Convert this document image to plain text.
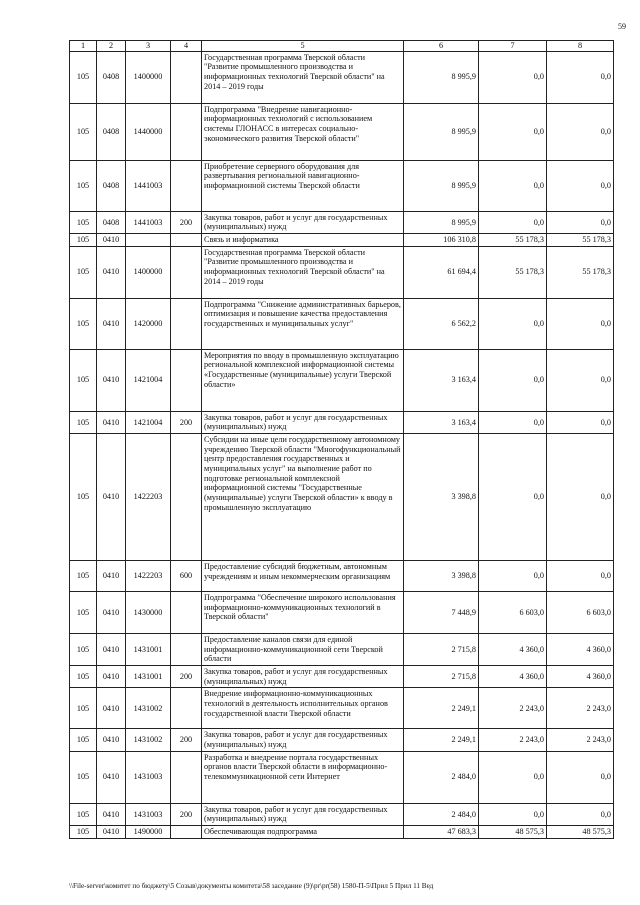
59
1	2	3	4	5	6	7	8
105	0408	1400000		Государственная программа Тверской области "Развитие промышленного производства и информационных технологий Тверской области" на 2014 – 2019 годы	8 995,9	0,0	0,0
105	0408	1440000		Подпрограмма "Внедрение навигационно-информационных технологий с использованием системы ГЛОНАСС в интересах социально-экономического развития Тверской области"	8 995,9	0,0	0,0
105	0408	1441003		Приобретение серверного оборудования для развертывания региональной навигационно-информационной системы Тверской области	8 995,9	0,0	0,0
105	0408	1441003	200	Закупка товаров, работ и услуг для государственных (муниципальных) нужд	8 995,9	0,0	0,0
105	0410			Связь и информатика	106 310,8	55 178,3	55 178,3
105	0410	1400000		Государственная программа Тверской области "Развитие промышленного производства и информационных технологий Тверской области" на 2014 – 2019 годы	61 694,4	55 178,3	55 178,3
105	0410	1420000		Подпрограмма "Снижение административных барьеров, оптимизация и повышение качества предоставления государственных и муниципальных услуг"	6 562,2	0,0	0,0
105	0410	1421004		Мероприятия по вводу в промышленную эксплуатацию региональной комплексной информационной системы «Государственные (муниципальные) услуги Тверской области»	3 163,4	0,0	0,0
105	0410	1421004	200	Закупка товаров, работ и услуг для государственных (муниципальных) нужд	3 163,4	0,0	0,0
105	0410	1422203		Субсидии на иные цели государственному автономному учреждению Тверской области "Многофункциональный центр предоставления государственных и муниципальных услуг" на выполнение работ по подготовке региональной комплексной информационной системы "Государственные (муниципальные) услуги Тверской области» к вводу в промышленную эксплуатацию	3 398,8	0,0	0,0
105	0410	1422203	600	Предоставление субсидий бюджетным, автономным учреждениям и иным некоммерческим организациям	3 398,8	0,0	0,0
105	0410	1430000		Подпрограмма "Обеспечение широкого использования информационно-коммуникационных технологий в Тверской области"	7 448,9	6 603,0	6 603,0
105	0410	1431001		Предоставление каналов связи для единой информационно-коммуникационной сети Тверской области	2 715,8	4 360,0	4 360,0
105	0410	1431001	200	Закупка товаров, работ и услуг для государственных (муниципальных) нужд	2 715,8	4 360,0	4 360,0
105	0410	1431002		Внедрение информационно-коммуникационных технологий в деятельность исполнительных органов государственной власти Тверской области	2 249,1	2 243,0	2 243,0
105	0410	1431002	200	Закупка товаров, работ и услуг для государственных (муниципальных) нужд	2 249,1	2 243,0	2 243,0
105	0410	1431003		Разработка и внедрение портала государственных органов власти Тверской области в информационно-телекоммуникационной сети Интернет	2 484,0	0,0	0,0
105	0410	1431003	200	Закупка товаров, работ и услуг для государственных (муниципальных) нужд	2 484,0	0,0	0,0
105	0410	1490000		Обеспечивающая подпрограмма	47 683,3	48 575,3	48 575,3
\\File-server\комитет по бюджету\5 Созыв\документы комитета\58 заседание (9)\pr\pr(58) 1580-П-5\Прил 5 Прил 11 Вед
